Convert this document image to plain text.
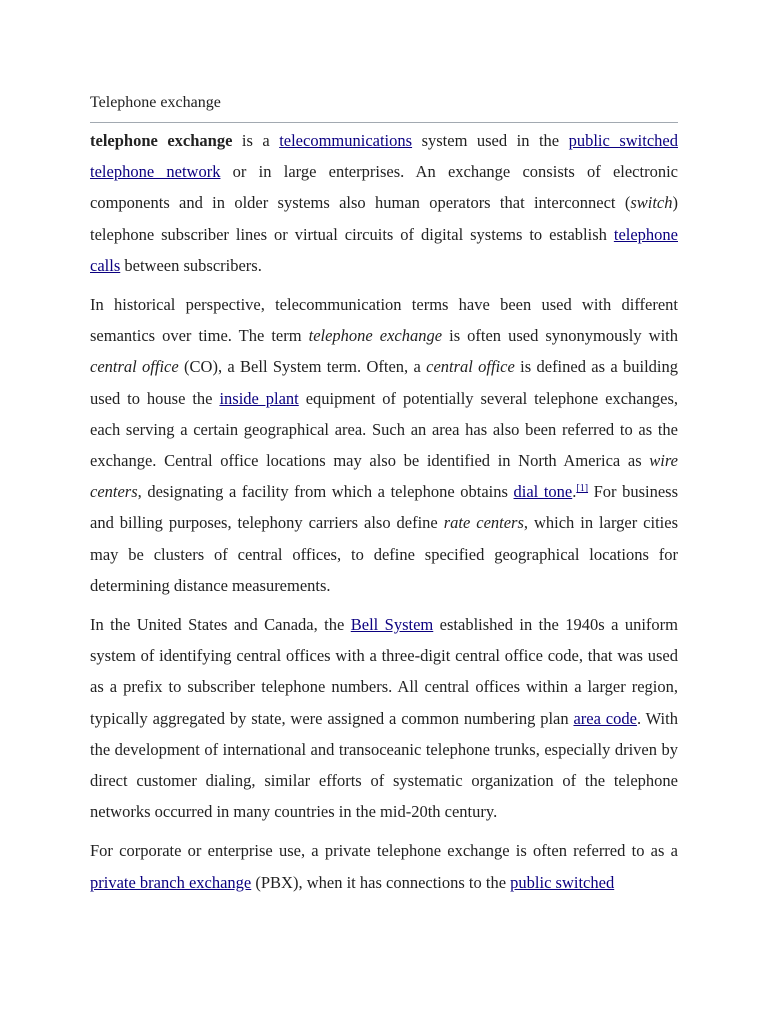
Telephone exchange

telephone exchange is a telecommunications system used in the public switched telephone network or in large enterprises. An exchange consists of electronic components and in older systems also human operators that interconnect (switch) telephone subscriber lines or virtual circuits of digital systems to establish telephone calls between subscribers.

In historical perspective, telecommunication terms have been used with different semantics over time. The term telephone exchange is often used synonymously with central office (CO), a Bell System term. Often, a central office is defined as a building used to house the inside plant equipment of potentially several telephone exchanges, each serving a certain geographical area. Such an area has also been referred to as the exchange. Central office locations may also be identified in North America as wire centers, designating a facility from which a telephone obtains dial tone.[1] For business and billing purposes, telephony carriers also define rate centers, which in larger cities may be clusters of central offices, to define specified geographical locations for determining distance measurements.

In the United States and Canada, the Bell System established in the 1940s a uniform system of identifying central offices with a three-digit central office code, that was used as a prefix to subscriber telephone numbers. All central offices within a larger region, typically aggregated by state, were assigned a common numbering plan area code. With the development of international and transoceanic telephone trunks, especially driven by direct customer dialing, similar efforts of systematic organization of the telephone networks occurred in many countries in the mid-20th century.

For corporate or enterprise use, a private telephone exchange is often referred to as a private branch exchange (PBX), when it has connections to the public switched
